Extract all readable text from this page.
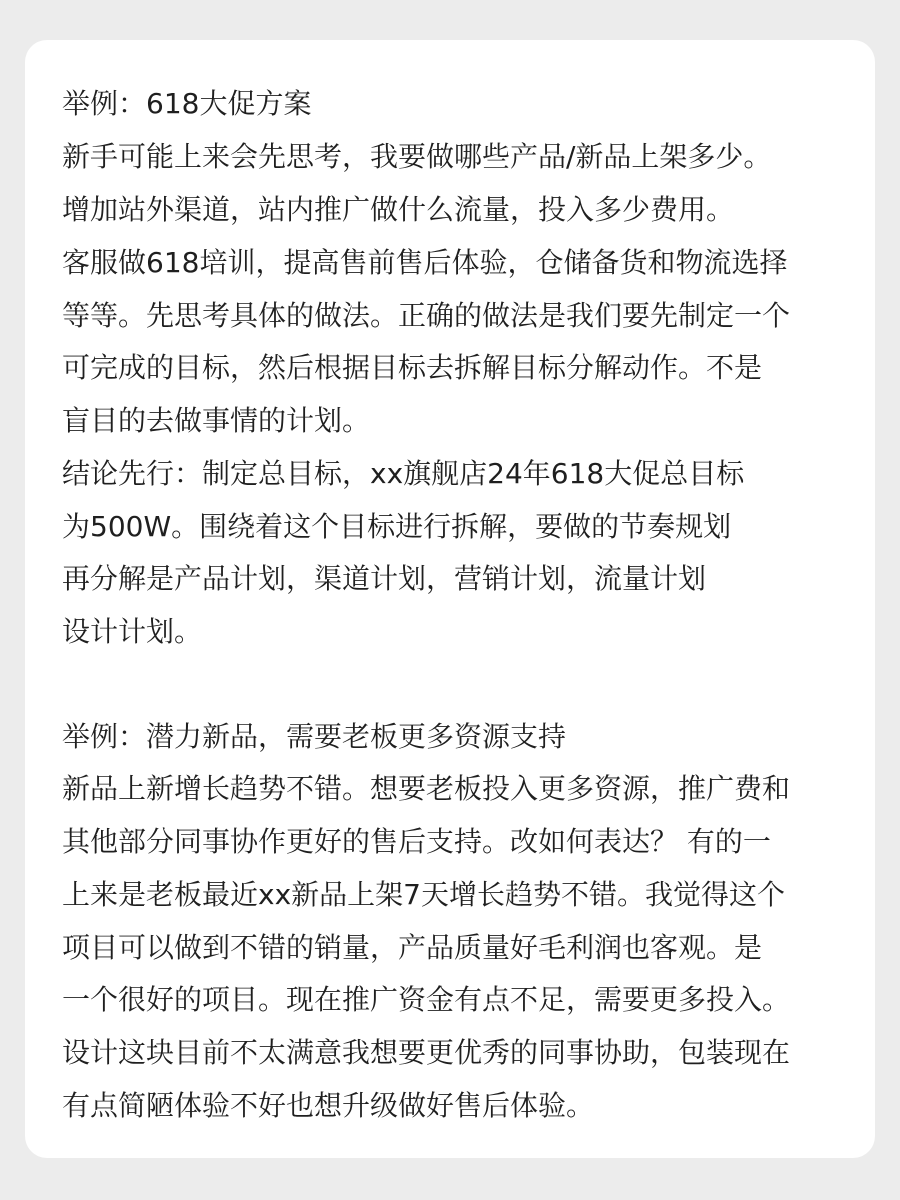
举例：618大促方案
新手可能上来会先思考，我要做哪些产品/新品上架多少。
增加站外渠道，站内推广做什么流量，投入多少费用。
客服做618培训，提高售前售后体验，仓储备货和物流选择
等等。先思考具体的做法。正确的做法是我们要先制定一个
可完成的目标，然后根据目标去拆解目标分解动作。不是
盲目的去做事情的计划。
结论先行：制定总目标，xx旗舰店24年618大促总目标
为500W。围绕着这个目标进行拆解，要做的节奏规划
再分解是产品计划，渠道计划，营销计划，流量计划
设计计划。
举例：潜力新品，需要老板更多资源支持
新品上新增长趋势不错。想要老板投入更多资源，推广费和
其他部分同事协作更好的售后支持。改如何表达？ 有的一
上来是老板最近xx新品上架7天增长趋势不错。我觉得这个
项目可以做到不错的销量，产品质量好毛利润也客观。是
一个很好的项目。现在推广资金有点不足，需要更多投入。
设计这块目前不太满意我想要更优秀的同事协助，包装现在
有点简陋体验不好也想升级做好售后体验。
